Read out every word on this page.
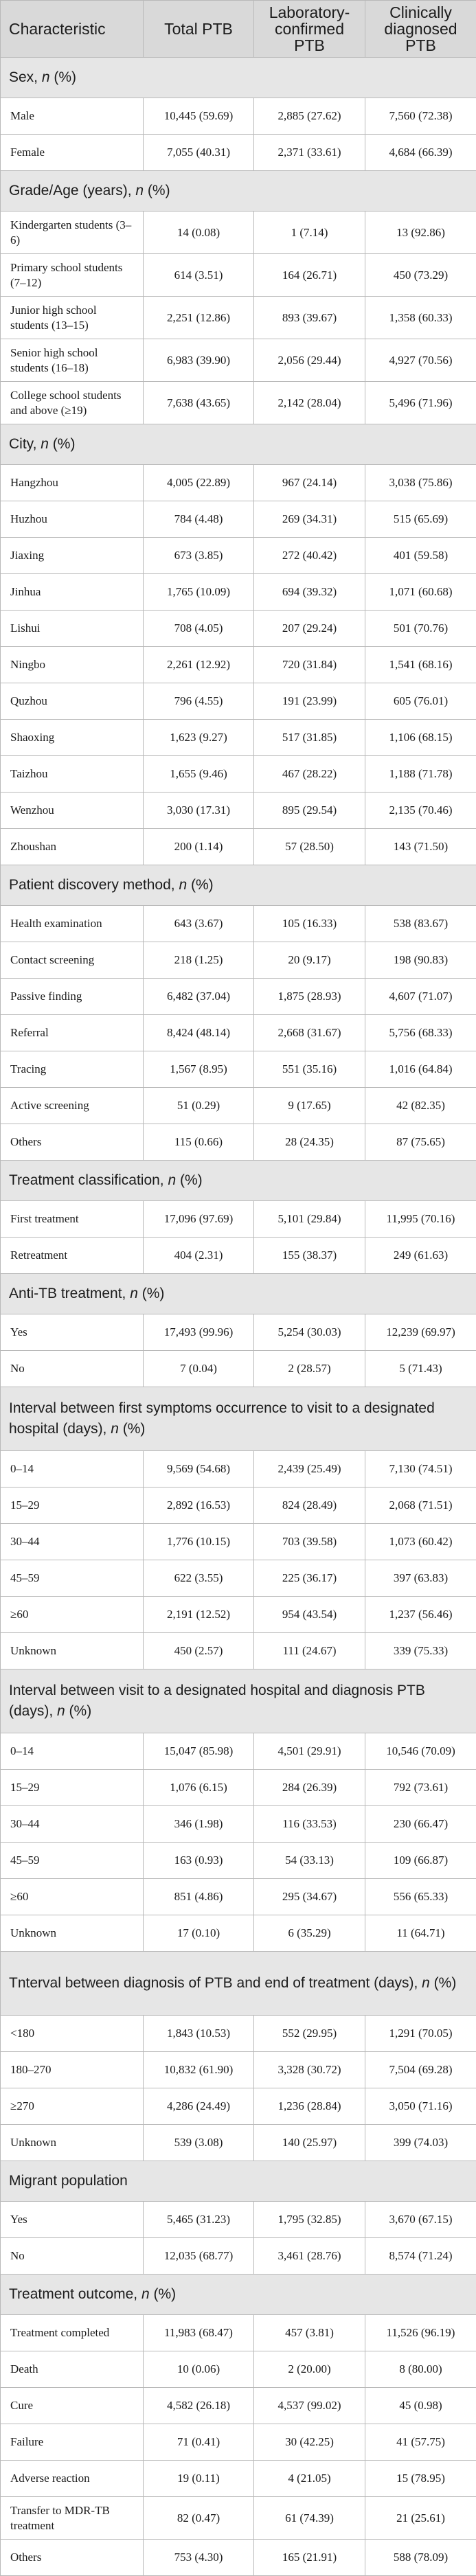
Characteristic	Total PTB	Laboratory-confirmed PTB	Clinically diagnosed PTB
Sex, n (%)			
Male	10,445 (59.69)	2,885 (27.62)	7,560 (72.38)
Female	7,055 (40.31)	2,371 (33.61)	4,684 (66.39)
Grade/Age (years), n (%)			
Kindergarten students (3–6)	14 (0.08)	1 (7.14)	13 (92.86)
Primary school students (7–12)	614 (3.51)	164 (26.71)	450 (73.29)
Junior high school students (13–15)	2,251 (12.86)	893 (39.67)	1,358 (60.33)
Senior high school students (16–18)	6,983 (39.90)	2,056 (29.44)	4,927 (70.56)
College school students and above (≥19)	7,638 (43.65)	2,142 (28.04)	5,496 (71.96)
City, n (%)			
Hangzhou	4,005 (22.89)	967 (24.14)	3,038 (75.86)
Huzhou	784 (4.48)	269 (34.31)	515 (65.69)
Jiaxing	673 (3.85)	272 (40.42)	401 (59.58)
Jinhua	1,765 (10.09)	694 (39.32)	1,071 (60.68)
Lishui	708 (4.05)	207 (29.24)	501 (70.76)
Ningbo	2,261 (12.92)	720 (31.84)	1,541 (68.16)
Quzhou	796 (4.55)	191 (23.99)	605 (76.01)
Shaoxing	1,623 (9.27)	517 (31.85)	1,106 (68.15)
Taizhou	1,655 (9.46)	467 (28.22)	1,188 (71.78)
Wenzhou	3,030 (17.31)	895 (29.54)	2,135 (70.46)
Zhoushan	200 (1.14)	57 (28.50)	143 (71.50)
Patient discovery method, n (%)			
Health examination	643 (3.67)	105 (16.33)	538 (83.67)
Contact screening	218 (1.25)	20 (9.17)	198 (90.83)
Passive finding	6,482 (37.04)	1,875 (28.93)	4,607 (71.07)
Referral	8,424 (48.14)	2,668 (31.67)	5,756 (68.33)
Tracing	1,567 (8.95)	551 (35.16)	1,016 (64.84)
Active screening	51 (0.29)	9 (17.65)	42 (82.35)
Others	115 (0.66)	28 (24.35)	87 (75.65)
Treatment classification, n (%)			
First treatment	17,096 (97.69)	5,101 (29.84)	11,995 (70.16)
Retreatment	404 (2.31)	155 (38.37)	249 (61.63)
Anti-TB treatment, n (%)			
Yes	17,493 (99.96)	5,254 (30.03)	12,239 (69.97)
No	7 (0.04)	2 (28.57)	5 (71.43)
Interval between first symptoms occurrence to visit to a designated hospital (days), n (%)			
0–14	9,569 (54.68)	2,439 (25.49)	7,130 (74.51)
15–29	2,892 (16.53)	824 (28.49)	2,068 (71.51)
30–44	1,776 (10.15)	703 (39.58)	1,073 (60.42)
45–59	622 (3.55)	225 (36.17)	397 (63.83)
≥60	2,191 (12.52)	954 (43.54)	1,237 (56.46)
Unknown	450 (2.57)	111 (24.67)	339 (75.33)
Interval between visit to a designated hospital and diagnosis PTB (days), n (%)			
0–14	15,047 (85.98)	4,501 (29.91)	10,546 (70.09)
15–29	1,076 (6.15)	284 (26.39)	792 (73.61)
30–44	346 (1.98)	116 (33.53)	230 (66.47)
45–59	163 (0.93)	54 (33.13)	109 (66.87)
≥60	851 (4.86)	295 (34.67)	556 (65.33)
Unknown	17 (0.10)	6 (35.29)	11 (64.71)
Tnterval between diagnosis of PTB and end of treatment (days), n (%)			
<180	1,843 (10.53)	552 (29.95)	1,291 (70.05)
180–270	10,832 (61.90)	3,328 (30.72)	7,504 (69.28)
≥270	4,286 (24.49)	1,236 (28.84)	3,050 (71.16)
Unknown	539 (3.08)	140 (25.97)	399 (74.03)
Migrant population			
Yes	5,465 (31.23)	1,795 (32.85)	3,670 (67.15)
No	12,035 (68.77)	3,461 (28.76)	8,574 (71.24)
Treatment outcome, n (%)			
Treatment completed	11,983 (68.47)	457 (3.81)	11,526 (96.19)
Death	10 (0.06)	2 (20.00)	8 (80.00)
Cure	4,582 (26.18)	4,537 (99.02)	45 (0.98)
Failure	71 (0.41)	30 (42.25)	41 (57.75)
Adverse reaction	19 (0.11)	4 (21.05)	15 (78.95)
Transfer to MDR-TB treatment	82 (0.47)	61 (74.39)	21 (25.61)
Others	753 (4.30)	165 (21.91)	588 (78.09)
